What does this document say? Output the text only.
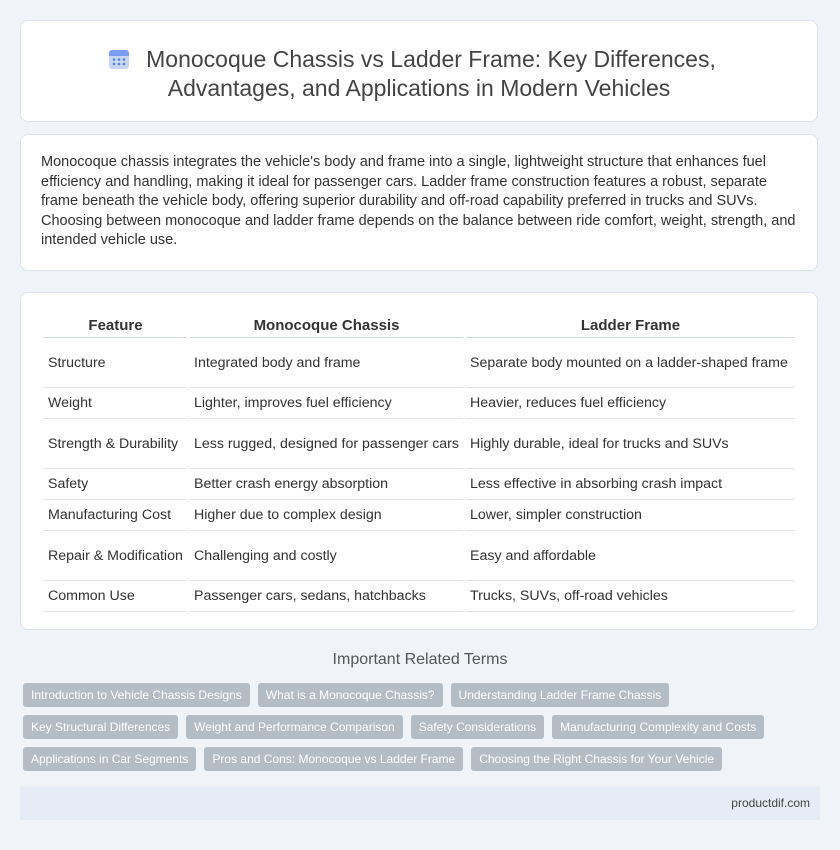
Monocoque Chassis vs Ladder Frame: Key Differences,
Advantages, and Applications in Modern Vehicles
Monocoque chassis integrates the vehicle's body and frame into a single, lightweight structure that enhances fuel efficiency and handling, making it ideal for passenger cars. Ladder frame construction features a robust, separate frame beneath the vehicle body, offering superior durability and off-road capability preferred in trucks and SUVs. Choosing between monocoque and ladder frame depends on the balance between ride comfort, weight, strength, and intended vehicle use.
Feature	Monocoque Chassis	Ladder Frame
Structure	Integrated body and frame	Separate body mounted on a ladder-shaped frame
Weight	Lighter, improves fuel efficiency	Heavier, reduces fuel efficiency
Strength & Durability	Less rugged, designed for passenger cars	Highly durable, ideal for trucks and SUVs
Safety	Better crash energy absorption	Less effective in absorbing crash impact
Manufacturing Cost	Higher due to complex design	Lower, simpler construction
Repair & Modification	Challenging and costly	Easy and affordable
Common Use	Passenger cars, sedans, hatchbacks	Trucks, SUVs, off-road vehicles
Important Related Terms
Introduction to Vehicle Chassis Designs	What is a Monocoque Chassis?	Understanding Ladder Frame Chassis
Key Structural Differences	Weight and Performance Comparison	Safety Considerations	Manufacturing Complexity and Costs
Applications in Car Segments	Pros and Cons: Monocoque vs Ladder Frame	Choosing the Right Chassis for Your Vehicle
productdif.com
